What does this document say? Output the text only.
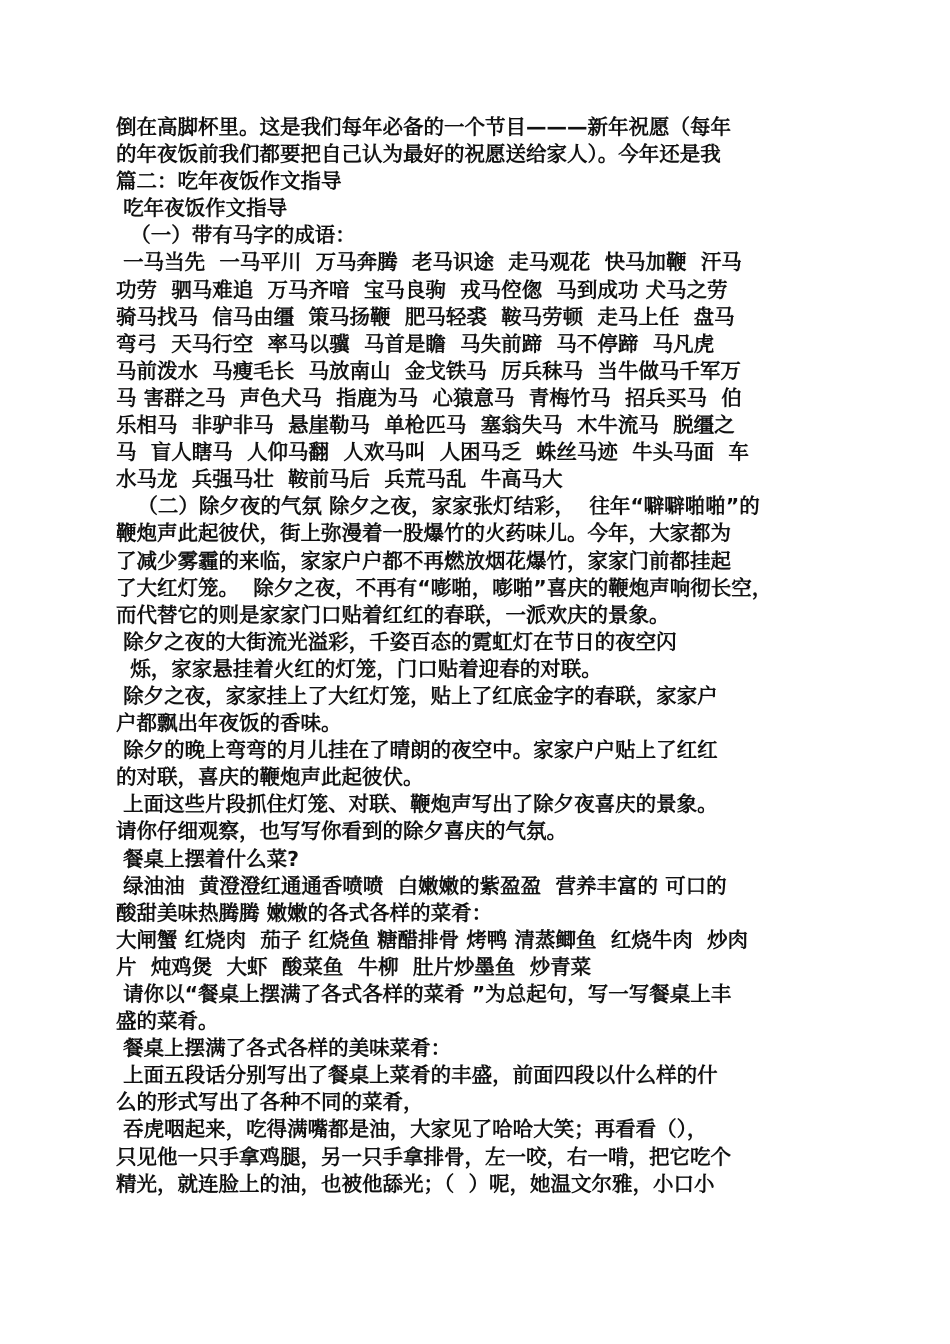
倒在高脚杯里。这是我们每年必备的一个节目———新年祝愿（每年
的年夜饭前我们都要把自己认为最好的祝愿送给家人）。今年还是我
篇二：吃年夜饭作文指导
吃年夜饭作文指导
（一）带有马字的成语：
一马当先  一马平川  万马奔腾  老马识途  走马观花  快马加鞭  汗马
功劳  驷马难追  万马齐喑  宝马良驹  戎马倥偬  马到成功 犬马之劳
骑马找马  信马由缰  策马扬鞭  肥马轻裘  鞍马劳顿  走马上任  盘马
弯弓  天马行空  率马以骥  马首是瞻  马失前蹄  马不停蹄  马凡虎
马前泼水  马瘦毛长  马放南山  金戈铁马  厉兵秣马  当牛做马千军万
马 害群之马  声色犬马  指鹿为马  心猿意马  青梅竹马  招兵买马  伯
乐相马  非驴非马  悬崖勒马  单枪匹马  塞翁失马  木牛流马  脱缰之
马  盲人瞎马  人仰马翻  人欢马叫  人困马乏  蛛丝马迹  牛头马面  车
水马龙  兵强马壮  鞍前马后  兵荒马乱  牛高马大
（二）除夕夜的气氛 除夕之夜，家家张灯结彩，  往年“噼噼啪啪”的
鞭炮声此起彼伏，街上弥漫着一股爆竹的火药味儿。今年，大家都为
了减少雾霾的来临，家家户户都不再燃放烟花爆竹，家家门前都挂起
了大红灯笼。  除夕之夜，不再有“嘭啪，嘭啪”喜庆的鞭炮声响彻长空，
而代替它的则是家家门口贴着红红的春联，一派欢庆的景象。
除夕之夜的大街流光溢彩，千姿百态的霓虹灯在节日的夜空闪
烁，家家悬挂着火红的灯笼，门口贴着迎春的对联。
除夕之夜，家家挂上了大红灯笼，贴上了红底金字的春联，家家户
户都飘出年夜饭的香味。
除夕的晚上弯弯的月儿挂在了晴朗的夜空中。家家户户贴上了红红
的对联，喜庆的鞭炮声此起彼伏。
上面这些片段抓住灯笼、对联、鞭炮声写出了除夕夜喜庆的景象。
请你仔细观察，也写写你看到的除夕喜庆的气氛。
餐桌上摆着什么菜?
绿油油  黄澄澄红通通香喷喷  白嫩嫩的紫盈盈  营养丰富的 可口的
酸甜美味热腾腾 嫩嫩的各式各样的菜肴：
大闸蟹 红烧肉  茄子 红烧鱼 糖醋排骨 烤鸭 清蒸鲫鱼  红烧牛肉  炒肉
片  炖鸡煲  大虾  酸菜鱼  牛柳  肚片炒墨鱼  炒青菜
请你以“餐桌上摆满了各式各样的菜肴 ”为总起句，写一写餐桌上丰
盛的菜肴。
餐桌上摆满了各式各样的美味菜肴：
上面五段话分别写出了餐桌上菜肴的丰盛，前面四段以什么样的什
么的形式写出了各种不同的菜肴，
吞虎咽起来，吃得满嘴都是油，大家见了哈哈大笑；再看看（），
只见他一只手拿鸡腿，另一只手拿排骨，左一咬，右一啃，把它吃个
精光，就连脸上的油，也被他舔光；（  ）呢，她温文尔雅，小口小
